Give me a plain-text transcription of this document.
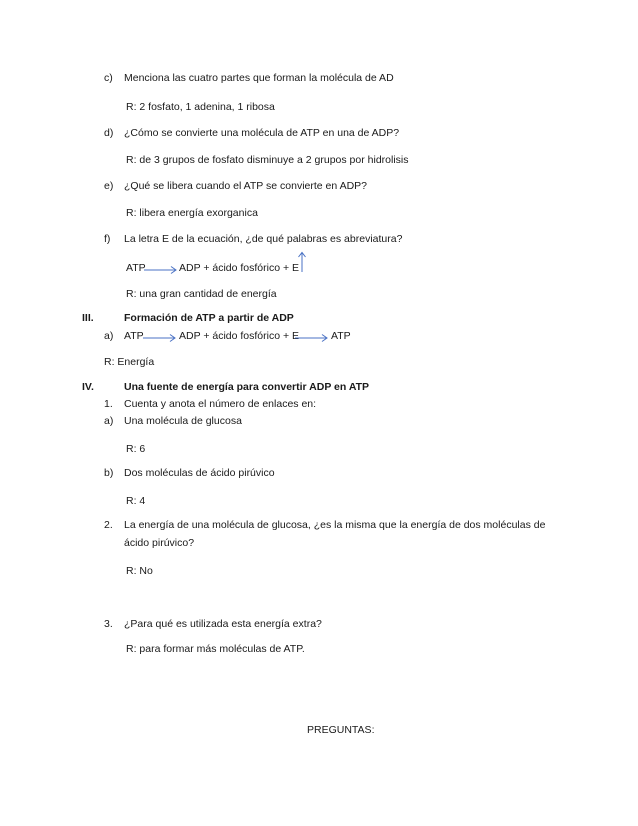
c) Menciona las cuatro partes que forman la molécula de AD
R: 2 fosfato, 1 adenina, 1 ribosa
d) ¿Cómo se convierte una molécula de ATP en una de ADP?
R: de 3 grupos de fosfato disminuye a 2 grupos por hidrolisis
e) ¿Qué se libera cuando el ATP se convierte en ADP?
R: libera energía exorganica
f) La letra E de la ecuación, ¿de qué palabras es abreviatura?
ATP	ADP + ácido fosfórico + E
R: una gran cantidad de energía
III.	Formación de ATP a partir de ADP
a) ATP	ADP + ácido fosfórico + E	ATP
R: Energía
IV.	Una fuente de energía para convertir ADP en ATP
1. Cuenta y anota el número de enlaces en:
a) Una molécula de glucosa
R: 6
b) Dos moléculas de ácido pirúvico
R: 4
2. La energía de una molécula de glucosa, ¿es la misma que la energía de dos moléculas de
ácido pirúvico?
R: No
3. ¿Para qué es utilizada esta energía extra?
R: para formar más moléculas de ATP.
PREGUNTAS:
